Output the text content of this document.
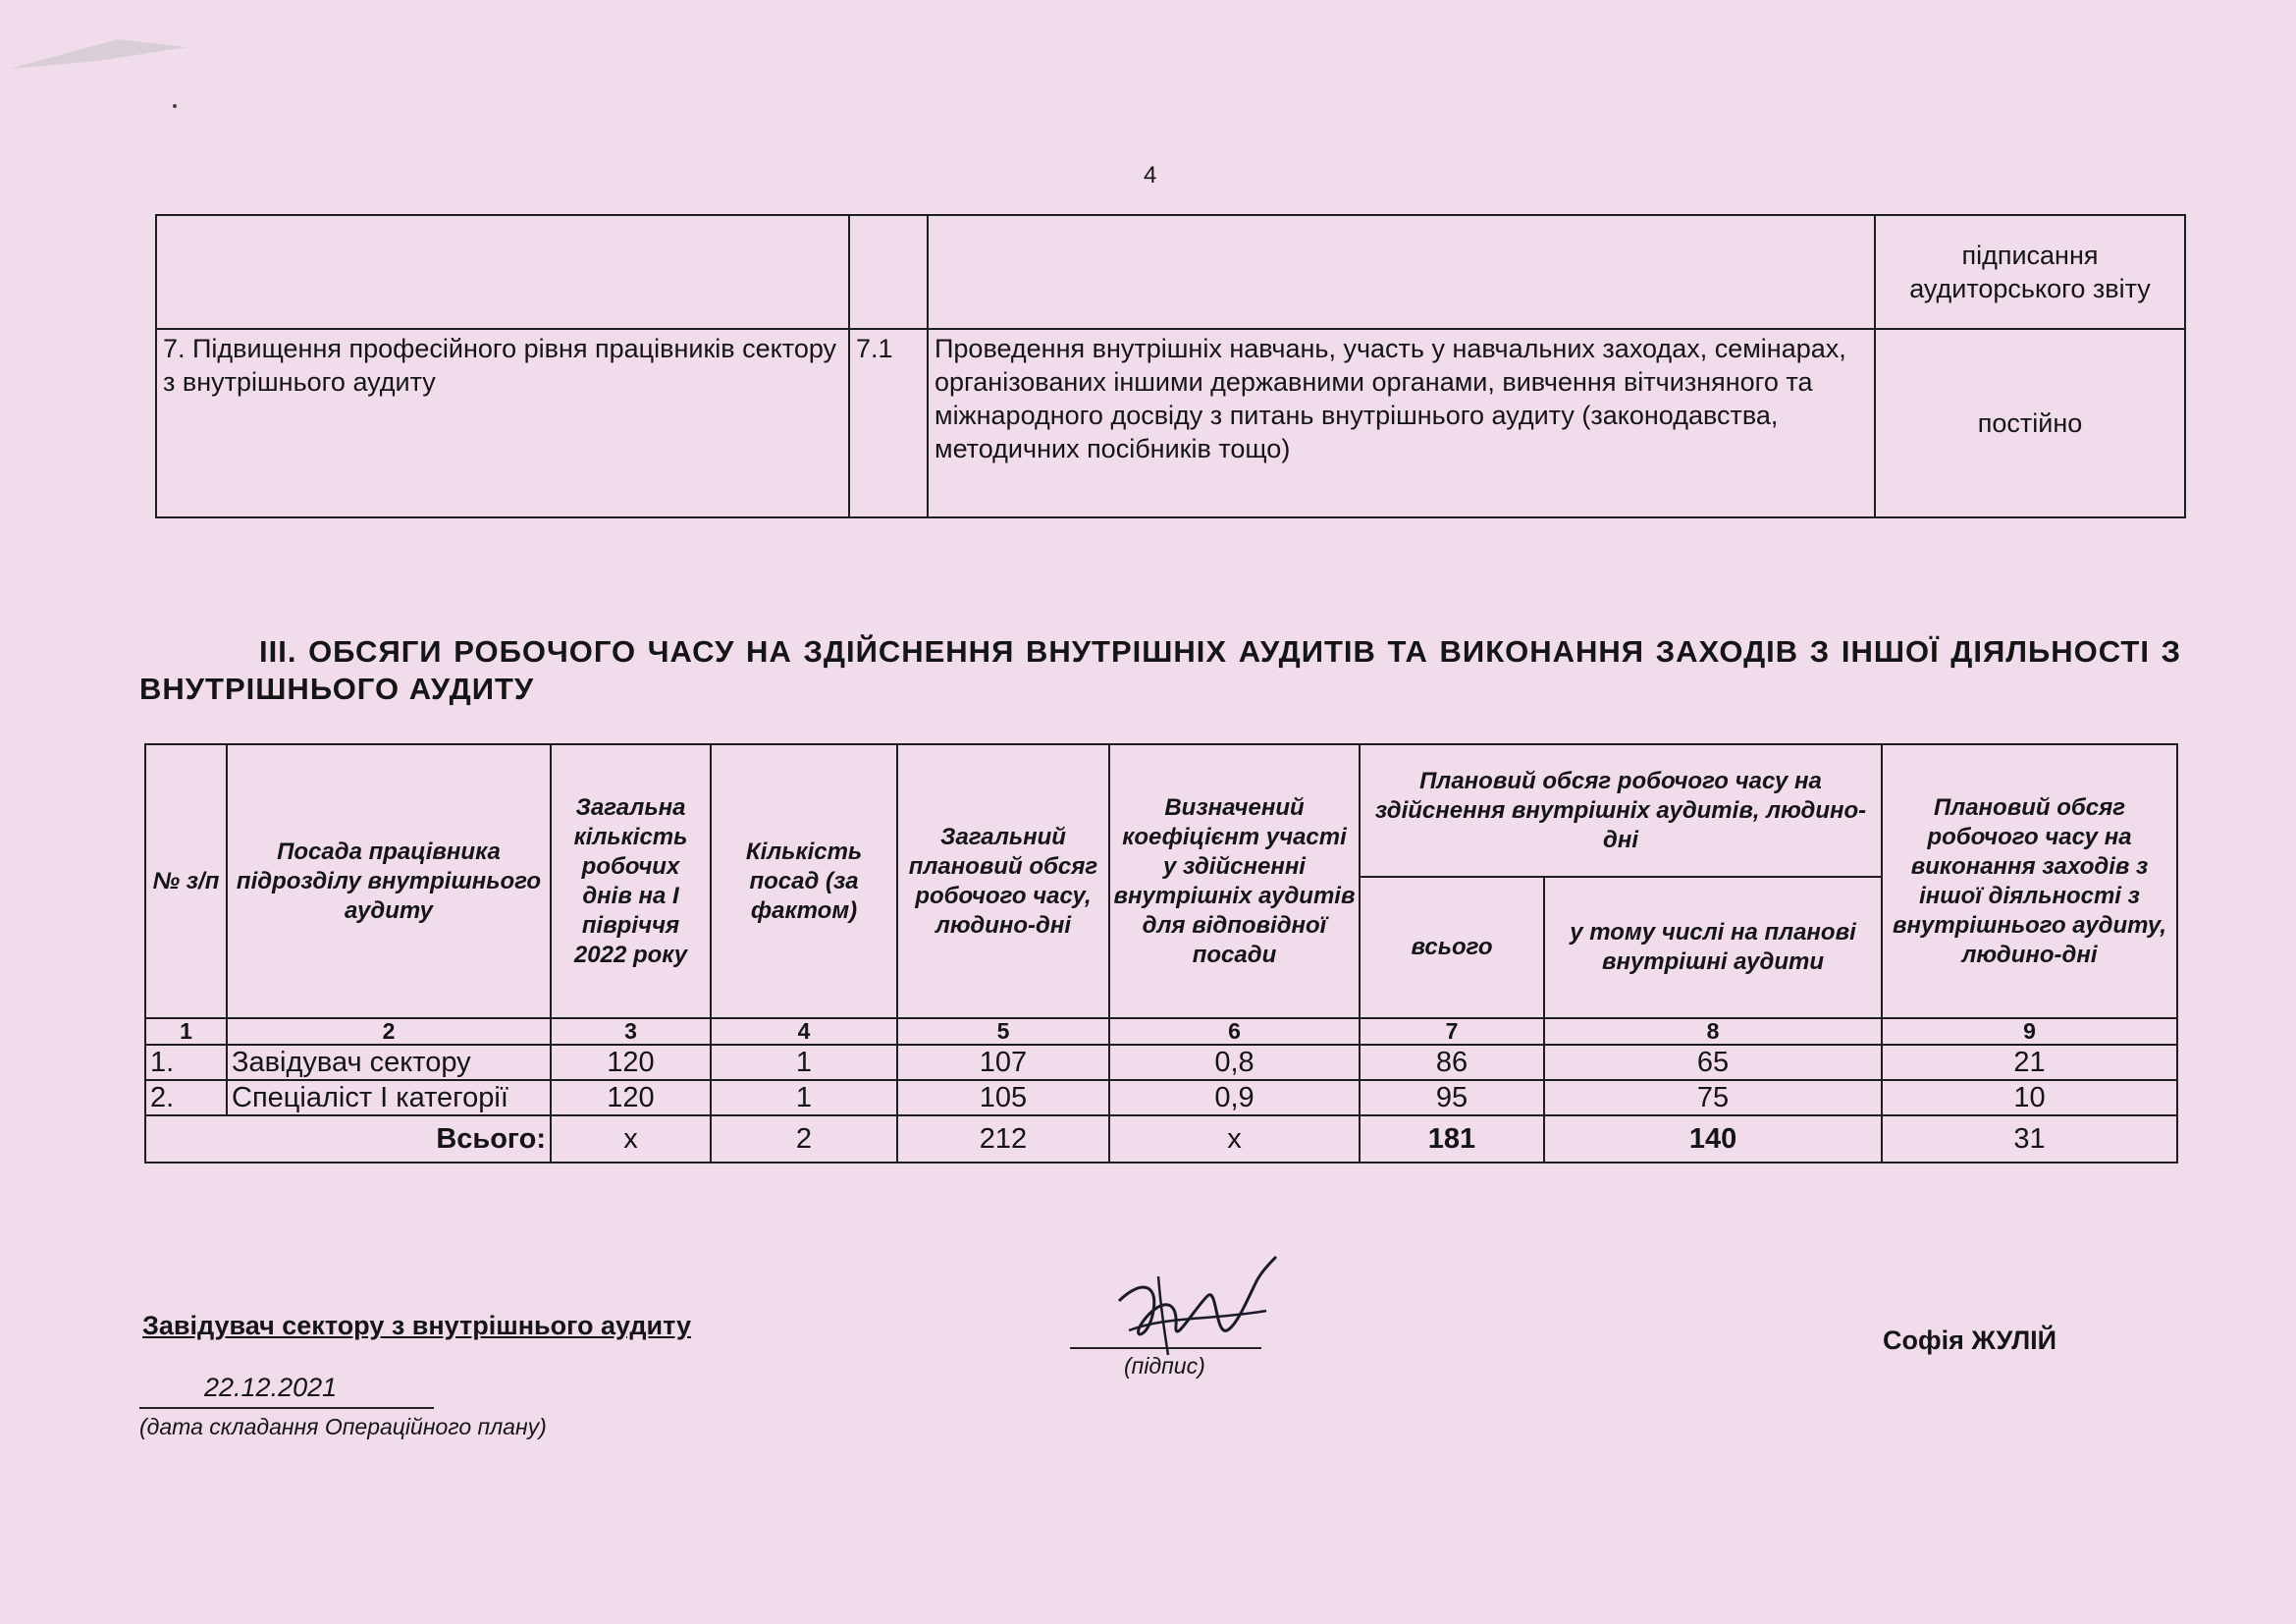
4
			підписання аудиторського звіту
7. Підвищення професійного рівня працівників сектору з внутрішнього аудиту	7.1	Проведення внутрішніх навчань, участь у навчальних заходах, семінарах, організованих іншими державними органами, вивчення вітчизняного та міжнародного досвіду з питань внутрішнього аудиту (законодавства, методичних посібників тощо)	постійно

ІІІ. ОБСЯГИ РОБОЧОГО ЧАСУ НА ЗДІЙСНЕННЯ ВНУТРІШНІХ АУДИТІВ ТА ВИКОНАННЯ ЗАХОДІВ З ІНШОЇ ДІЯЛЬНОСТІ З ВНУТРІШНЬОГО АУДИТУ

№ з/п	Посада працівника підрозділу внутрішнього аудиту	Загальна кількість робочих днів на І півріччя 2022 року	Кількість посад (за фактом)	Загальний плановий обсяг робочого часу, людино-дні	Визначений коефіцієнт участі у здійсненні внутрішніх аудитів для відповідної посади	Плановий обсяг робочого часу на здійснення внутрішніх аудитів, людино-дні		Плановий обсяг робочого часу на виконання заходів з іншої діяльності з внутрішнього аудиту, людино-дні
						всього	у тому числі на планові внутрішні аудити	
1	2	3	4	5	6	7	8	9
1.	Завідувач сектору	120	1	107	0,8	86	65	21
2.	Спеціаліст І категорії	120	1	105	0,9	95	75	10
Всього:		х	2	212	х	181	140	31
Завідувач сектору з внутрішнього аудиту
(підпис)
Софія ЖУЛІЙ
22.12.2021
(дата складання Операційного плану)
